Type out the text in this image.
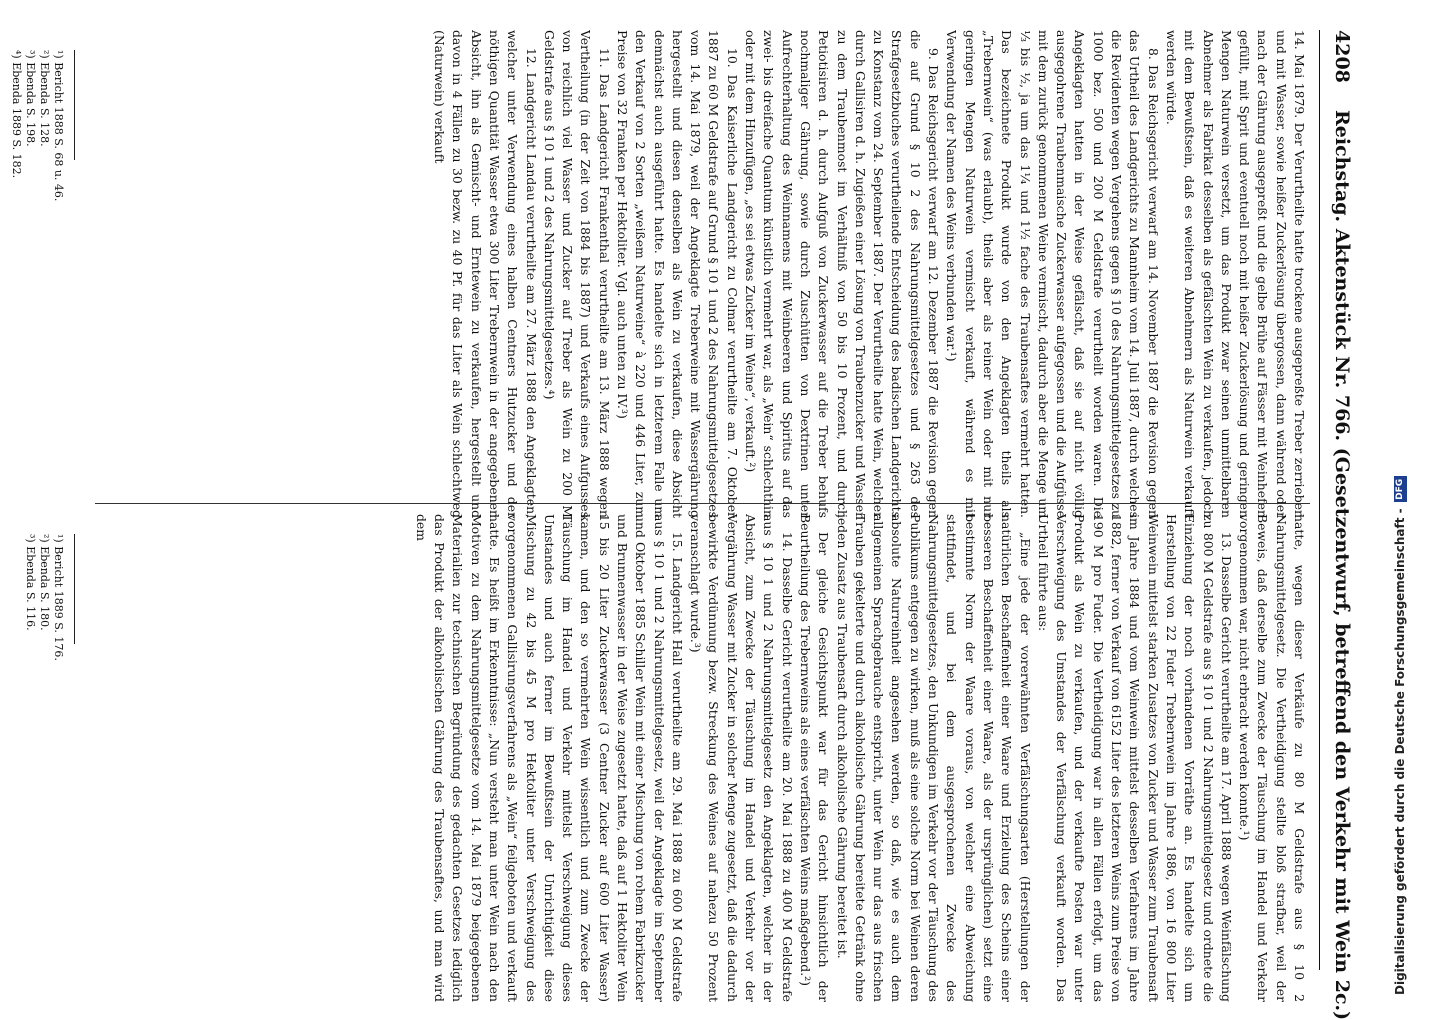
4208
Reichstag. Aktenstück Nr. 766. (Gesetzentwurf, betreffend den Verkehr mit Wein 2c.)

14. Mai 1879. Der Verurtheilte hatte trockene ausgepreßte Treber zerrieben und mit Wasser, sowie heißer Zuckerlösung übergossen, dann während oder nach der Gährung ausgepreßt und die gelbe Brühe auf Fässer mit Weinhefen gefüllt, mit Sprit und eventuell noch mit heißer Zuckerlösung und geringen Mengen Naturwein versetzt, um das Produkt zwar seinen unmittelbaren Abnehmer als Fabrikat desselben als gefälschten Wein zu verkaufen, jedoch mit dem Bewußtsein, daß es weiteren Abnehmern als Naturwein verkauft werden würde.

8. Das Reichsgericht verwarf am 14. November 1887 die Revision gegen das Urtheil des Landgerichts zu Mannheim vom 14. Juli 1887, durch welches die Revidenten wegen Vergehens gegen § 10 des Nahrungsmittelgesetzes zu 1000 bez. 500 und 200 M Geldstrafe verurtheilt worden waren. Die Angeklagten hatten in der Weise gefälscht, daß sie auf nicht völlig ausgegohrene Traubenmaische Zuckerwasser aufgegossen und die Aufgüsse mit dem zurück genommenen Weine vermischt, dadurch aber die Menge um ⅓ bis ½, ja um das 1¼ und 1½ fache des Traubensaftes vermehrt hatten. Das bezeichnete Produkt wurde von den Angeklagten theils als „Trebernwein“ (was erlaubt), theils aber als reiner Wein oder mit nur geringen Mengen Naturwein vermischt verkauft, während es mit Verwendung der Namen des Weins verbunden war.¹)

9. Das Reichsgericht verwarf am 12. Dezember 1887 die Revision gegen die auf Grund § 10 2 des Nahrungsmittelgesetzes und § 263 des Strafgesetzbuches verurtheilende Entscheidung des badischen Landgerichts zu Konstanz vom 24. September 1887. Der Verurtheilte hatte Wein, welcher durch Gallisiren d. h. Zugießen einer Lösung von Traubenzucker und Wasser zu dem Traubenmost im Verhältniß von 50 bis 10 Prozent, und durch Petiotisiren d. h. durch Aufguß von Zuckerwasser auf die Treber behufs nochmaliger Gährung, sowie durch Zuschütten von Dextrinen unter Aufrechterhaltung des Weinnamens mit Weinbeeren und Spiritus auf das zwei- bis dreifache Quantum künstlich vermehrt war, als „Wein“ schlechthin oder mit dem Hinzufügen, „es sei etwas Zucker im Weine“, verkauft.²)

10. Das Kaiserliche Landgericht zu Colmar verurtheilte am 7. Oktober 1887 zu 60 M Geldstrafe auf Grund § 10 1 und 2 des Nahrungsmittelgesetzes vom 14. Mai 1879, weil der Angeklagte Treberweine mit Wassergährung hergestellt und diesen denselben als Wein zu verkaufen, diese Absicht demnächst auch ausgeführt hatte. Es handelte sich in letzterem Falle um den Verkauf von 2 Sorten „weißem Naturweine“ à 220 und 446 Liter, zum Preise von 32 Franken per Hektoliter. Vgl. auch unten zu IV.³)

11. Das Landgericht Frankenthal verurtheilte am 13. März 1888 wegen Vertheilung (in der Zeit von 1884 bis 1887) und Verkaufs eines Aufgusses von reichlich viel Wasser und Zucker auf Treber als Wein zu 200 M Geldstrafe aus § 10 1 und 2 des Nahrungsmittelgesetzes.⁴)

12. Landgericht Landau verurtheilte am 27. März 1888 den Angeklagten, welcher unter Verwendung eines halben Centners Hutzucker und der nöthigen Quantität Wasser etwa 300 Liter Trebernwein in der angegebenen Absicht, ihn als Gemischt- und Erntewein zu verkaufen, hergestellt und davon in 4 Fällen zu 30 bezw. zu 40 Pf. für das Liter als Wein schlechtweg (Naturwein) verkauft

hatte, wegen dieser Verkäufe zu 80 M Geldstrafe aus § 10 2 Nahrungsmittelgesetz. Die Vertheidigung stellte bloß strafbar, weil der Beweis, daß derselbe zum Zwecke der Täuschung im Handel und Verkehr vorgenommen war, nicht erbracht werden konnte.¹)

13. Dasselbe Gericht verurtheilte am 17. April 1888 wegen Weinfälschung zu 800 M Geldstrafe aus § 10 1 und 2 Nahrungsmittelgesetz und ordnete die Einziehung der noch vorhandenen Vorräthe an. Es handelte sich um Herstellung von 22 Fuder Trebernwein im Jahre 1886, von 16 800 Liter Weinwein mittelst starken Zusatzes von Zucker und Wasser zum Traubensaft im Jahre 1884 und vom Weinwein mittelst desselben Verfahrens im Jahre 1882, ferner von Verkauf von 6152 Liter des letzteren Weins zum Preise von 190 M pro Fuder. Die Vertheidigung war in allen Fällen erfolgt, um das Produkt als Wein zu verkaufen, und der verkaufte Posten war unter Verschweigung des Umstandes der Verfälschung verkauft worden. Das Urtheil führte aus:

„Eine jede der vorerwähnten Verfälschungsarten (Herstellungen der natürlichen Beschaffenheit einer Waare und Erzielung des Scheins einer besseren Beschaffenheit einer Waare, als der ursprünglichen) setzt eine bestimmte Norm der Waare voraus, von welcher eine Abweichung stattfindet, und bei dem ausgesprochenen Zwecke des Nahrungsmittelgesetzes, den Unkundigen im Verkehr vor der Täuschung des Publikums entgegen zu wirken, muß als eine solche Norm bei Weinen deren absolute Naturreinheit angesehen werden, so daß, wie es auch dem allgemeinen Sprachgebrauche entspricht, unter Wein nur das aus frischen Trauben gekelterte und durch alkoholische Gährung bereitete Getränk ohne jeden Zusatz aus Traubensaft durch alkoholische Gährung bereitet ist.

Der gleiche Gesichtspunkt war für das Gericht hinsichtlich der Beurtheilung des Trebernweins als eines verfälschten Weins maßgebend.²)

14. Dasselbe Gericht verurtheilte am 20. Mai 1888 zu 400 M Geldstrafe aus § 10 1 und 2 Nahrungsmittelgesetz den Angeklagten, welcher in der Absicht, zum Zwecke der Täuschung im Handel und Verkehr vor der Vergährung Wasser mit Zucker in solcher Menge zugesetzt, daß die dadurch bewirkte Verdünnung bezw. Streckung des Weines auf nahezu 50 Prozent veranschlagt wurde.³)

15. Landgericht Hall verurtheilte am 29. Mai 1888 zu 600 M Geldstrafe aus § 10 1 und 2 Nahrungsmittelgesetz, weil der Angeklagte im September und Oktober 1885 Schiller Wein mit einer Mischung von rohem Fabrikzucker und Brunnenwasser in der Weise zugesetzt hatte, daß auf 1 Hektoliter Wein 15 bis 20 Liter Zuckerwasser (3 Centner Zucker auf 600 Liter Wasser) kamen, und den so vermehrten Wein wissentlich und zum Zwecke der Täuschung im Handel und Verkehr mittelst Verschweigung dieses Umstandes und auch ferner im Bewußtsein der Unrichtigkeit diese Mischung zu 42 bis 45 M pro Hektoliter unter Verschweigung des vorgenommenen Gallisirungsverfahrens als „Wein“ feilgeboten und verkauft hatte. Es heißt im Erkenntnisse: „Nun versteht man unter Wein nach den Motiven zu dem Nahrungsmittelgesetze vom 14. Mai 1879 beigegebenen Materialien zur technischen Begründung des gedachten Gesetzes lediglich das Produkt der alkoholischen Gährung des Traubensaftes, und man wird dem

¹) Bericht 1888 S. 68 u. 46.
²) Ebenda S. 128.
³) Ebenda S. 198.
⁴) Ebenda 1889 S. 182.
¹) Bericht 1889 S. 176.
²) Ebenda S. 180.
³) Ebenda S. 116.	Digitalisierung gefördert durch die Deutsche Forschungsgemeinschaft -
DFG
